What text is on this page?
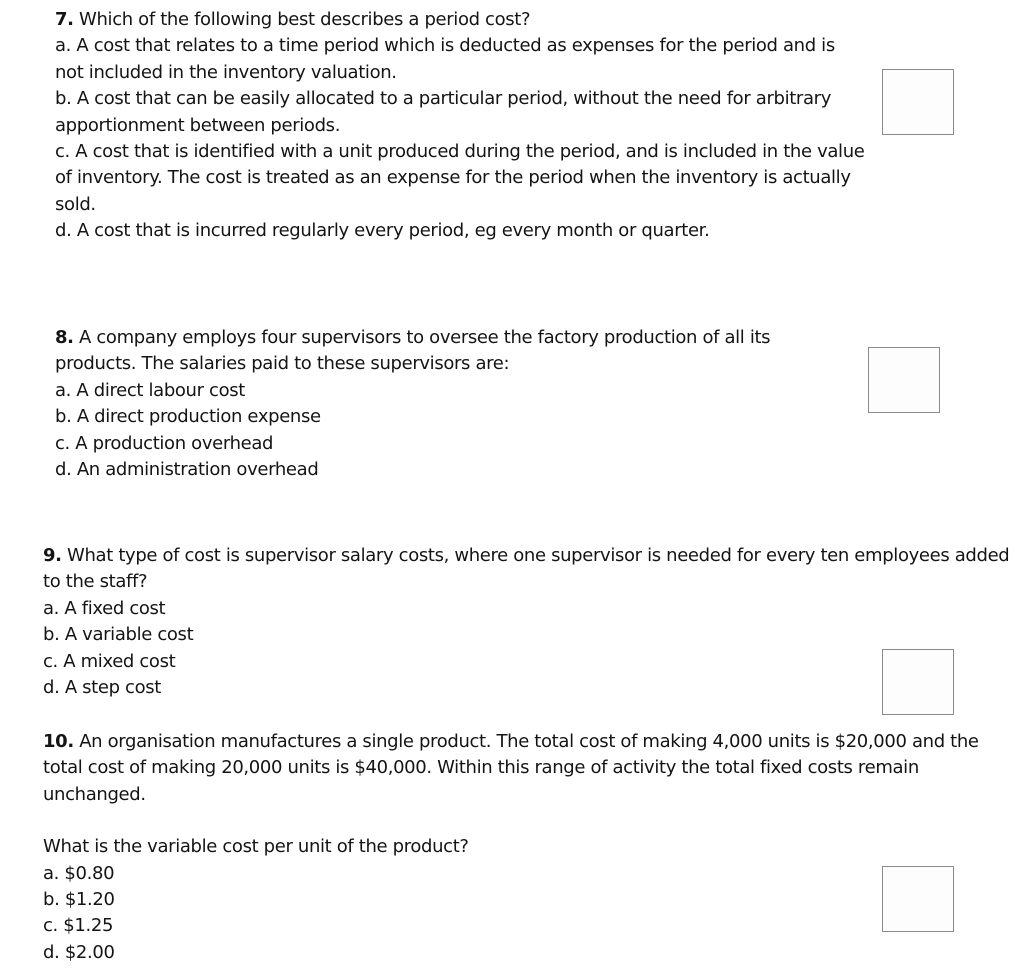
7. Which of the following best describes a period cost?

a. A cost that relates to a time period which is deducted as expenses for the period and is not included in the inventory valuation.

b. A cost that can be easily allocated to a particular period, without the need for arbitrary apportionment between periods.

c. A cost that is identified with a unit produced during the period, and is included in the value of inventory. The cost is treated as an expense for the period when the inventory is actually sold.

d. A cost that is incurred regularly every period, eg every month or quarter.

8. A company employs four supervisors to oversee the factory production of all its products. The salaries paid to these supervisors are:

a. A direct labour cost

b. A direct production expense

c. A production overhead

d. An administration overhead

9. What type of cost is supervisor salary costs, where one supervisor is needed for every ten employees added to the staff?

a. A fixed cost

b. A variable cost

c. A mixed cost

d. A step cost

10. An organisation manufactures a single product. The total cost of making 4,000 units is $20,000 and the total cost of making 20,000 units is $40,000. Within this range of activity the total fixed costs remain unchanged.

What is the variable cost per unit of the product?

a. $0.80

b. $1.20

c. $1.25

d. $2.00
